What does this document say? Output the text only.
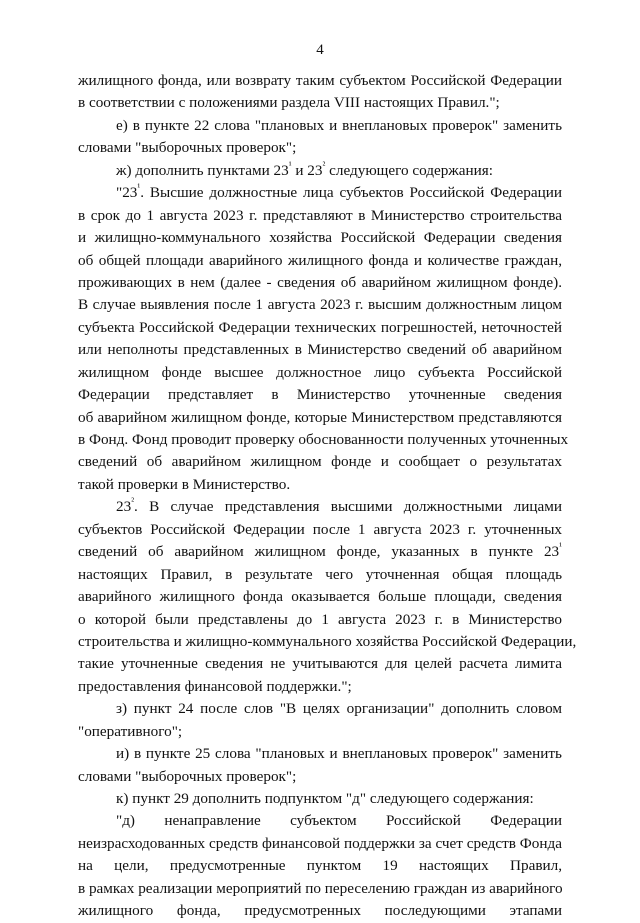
4
жилищного фонда, или возврату таким субъектом Российской Федерации
в соответствии с положениями раздела VIII настоящих Правил.";
е) в пункте 22 слова "плановых и внеплановых проверок" заменить
словами "выборочных проверок";
ж) дополнить пунктами $23^{^1}$ и $23^{^2}$ следующего содержания:
"$23^{^1}$. Высшие должностные лица субъектов Российской Федерации
в срок до 1 августа 2023 г. представляют в Министерство строительства
и жилищно-коммунального хозяйства Российской Федерации сведения
об общей площади аварийного жилищного фонда и количестве граждан,
проживающих в нем (далее - сведения об аварийном жилищном фонде).
В случае выявления после 1 августа 2023 г. высшим должностным лицом
субъекта Российской Федерации технических погрешностей, неточностей
или неполноты представленных в Министерство сведений об аварийном
жилищном фонде высшее должностное лицо субъекта Российской
Федерации представляет в Министерство уточненные сведения
об аварийном жилищном фонде, которые Министерством представляются
в Фонд. Фонд проводит проверку обоснованности полученных уточненных
сведений об аварийном жилищном фонде и сообщает о результатах
такой проверки в Министерство.
$23^{^2}$. В случае представления высшими должностными лицами
субъектов Российской Федерации после 1 августа 2023 г. уточненных
сведений об аварийном жилищном фонде, указанных в пункте $23^{^1}$
настоящих Правил, в результате чего уточненная общая площадь
аварийного жилищного фонда оказывается больше площади, сведения
о которой были представлены до 1 августа 2023 г. в Министерство
строительства и жилищно-коммунального хозяйства Российской Федерации,
такие уточненные сведения не учитываются для целей расчета лимита
предоставления финансовой поддержки.";
з) пункт 24 после слов "В целях организации" дополнить словом
"оперативного";
и) в пункте 25 слова "плановых и внеплановых проверок" заменить
словами "выборочных проверок";
к) пункт 29 дополнить подпунктом "д" следующего содержания:
"д) ненаправление субъектом Российской Федерации
неизрасходованных средств финансовой поддержки за счет средств Фонда
на цели, предусмотренные пунктом 19 настоящих Правил,
в рамках реализации мероприятий по переселению граждан из аварийного
жилищного фонда, предусмотренных последующими этапами
